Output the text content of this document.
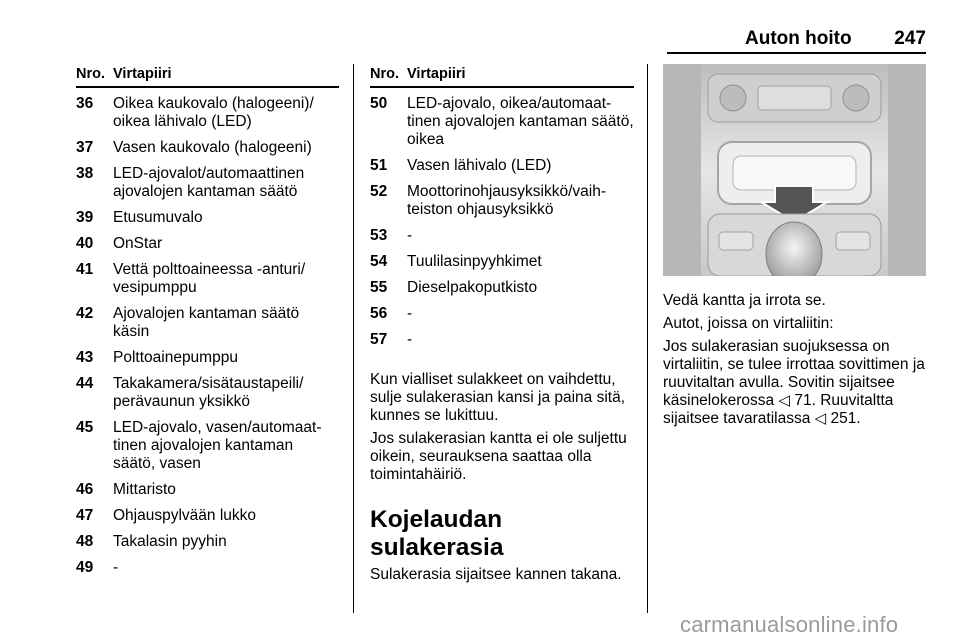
Auton hoito 247
Nro. Virtapiiri
36 Oikea kaukovalo (halogeeni)/ oikea lähivalo (LED)
37 Vasen kaukovalo (halogeeni)
38 LED-ajovalot/automaattinen ajovalojen kantaman säätö
39 Etusumuvalo
40 OnStar
41 Vettä polttoaineessa -anturi/ vesipumppu
42 Ajovalojen kantaman säätö käsin
43 Polttoainepumppu
44 Takakamera/sisätaustapeili/ perävaunun yksikkö
45 LED-ajovalo, vasen/automaattinen ajovalojen kantaman säätö, vasen
46 Mittaristo
47 Ohjauspylvään lukko
48 Takalasin pyyhin
49 -
Nro. Virtapiiri
50 LED-ajovalo, oikea/automaattinen ajovalojen kantaman säätö, oikea
51 Vasen lähivalo (LED)
52 Moottorinohjausyksikkö/vaihteiston ohjausyksikkö
53 -
54 Tuulilasinpyyhkimet
55 Dieselpakoputkisto
56 -
57 -

Kun vialliset sulakkeet on vaihdettu, sulje sulakerasian kansi ja paina sitä, kunnes se lukittuu.

Jos sulakerasian kantta ei ole suljettu oikein, seurauksena saattaa olla toimintahäiriö.

Kojelaudan sulakerasia

Sulakerasia sijaitsee kannen takana.

Vedä kantta ja irrota se.

Autot, joissa on virtaliitin:

Jos sulakerasian suojuksessa on virtaliitin, se tulee irrottaa sovittimen ja ruuvitaltan avulla. Sovitin sijaitsee käsinelokerossa ◁ 71. Ruuvitaltta sijaitsee tavaratilassa ◁ 251.

carmanualsonline.info
